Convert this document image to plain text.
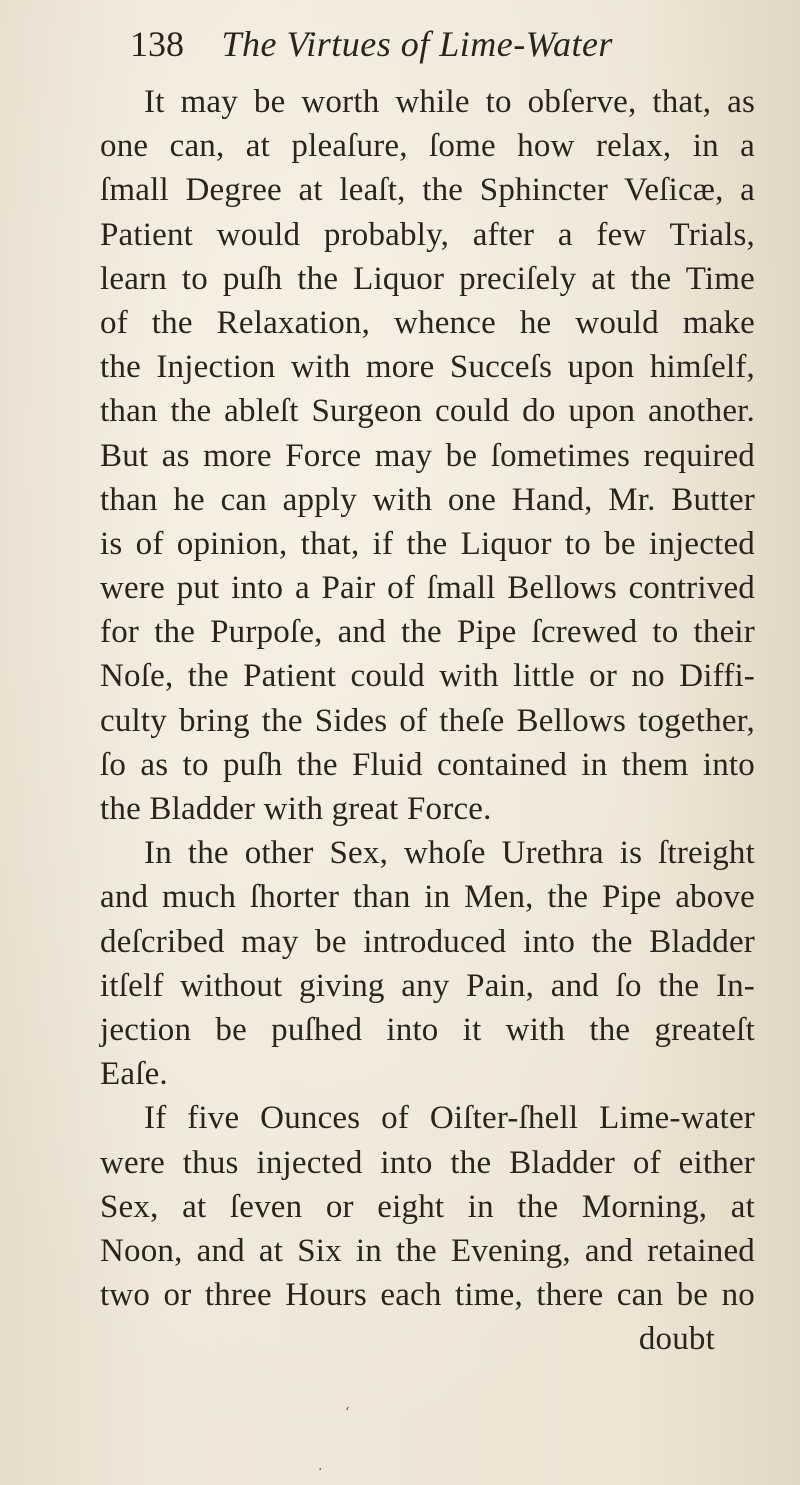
138 The Virtues of Lime-Water
It may be worth while to obſerve, that, as
one can, at pleaſure, ſome how relax, in a
ſmall Degree at leaſt, the Sphincter Veſicæ, a
Patient would probably, after a few Trials,
learn to puſh the Liquor preciſely at the Time
of the Relaxation, whence he would make
the Injection with more Succeſs upon himſelf,
than the ableſt Surgeon could do upon another.
But as more Force may be ſometimes required
than he can apply with one Hand, Mr. Butter
is of opinion, that, if the Liquor to be injected
were put into a Pair of ſmall Bellows contrived
for the Purpoſe, and the Pipe ſcrewed to their
Noſe, the Patient could with little or no Diffi-
culty bring the Sides of theſe Bellows together,
ſo as to puſh the Fluid contained in them into
the Bladder with great Force.
In the other Sex, whoſe Urethra is ſtreight
and much ſhorter than in Men, the Pipe above
deſcribed may be introduced into the Bladder
itſelf without giving any Pain, and ſo the In-
jection be puſhed into it with the greateſt
Eaſe.
If five Ounces of Oiſter-ſhell Lime-water
were thus injected into the Bladder of either
Sex, at ſeven or eight in the Morning, at
Noon, and at Six in the Evening, and retained
two or three Hours each time, there can be no
doubt
‘
·
